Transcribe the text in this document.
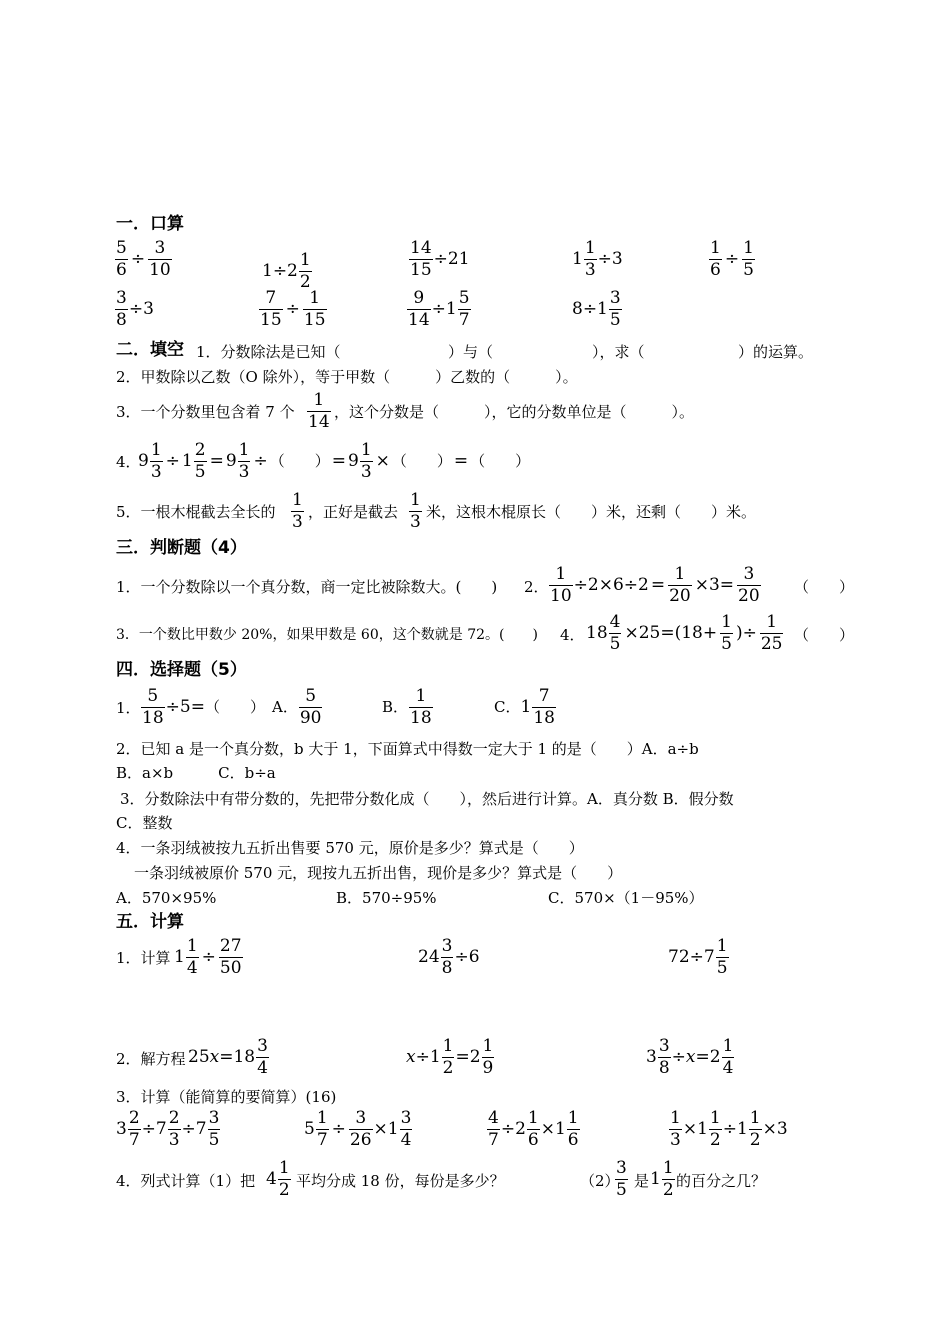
一．口算
$\frac{5}{6} \div \frac{3}{10}$	$1\div 2 \frac{1}{2}$	$\frac{14}{15} \div 21$	$1 \frac{1}{3} \div 3$	$\frac{1}{6} \div \frac{1}{5}$
$\frac{3}{8} \div 3$	$\frac{7}{15} \div \frac{1}{15}$	$\frac{9}{14} \div 1 \frac{5}{7}$	$8\div 1 \frac{3}{5}$
二．填空 1．分数除法是已知（	）与（	），求（	）的运算。
2．甲数除以乙数（O 除外），等于甲数（　　　）乙数的（　　　）。
3．一个分数里包含着 7 个 $\frac{1}{14}$ ，这个分数是（　　　），它的分数单位是（　　　）。
4．
$9 \frac{1}{3} \div 1 \frac{2}{5} = 9 \frac{1}{3}$ ÷ （　　） = $9 \frac{1}{3}$ × （　　） = （　　）
5．一根木棍截去全长的 $\frac{1}{3}$ ，正好是截去 $\frac{1}{3}$ 米，这根木棍原长（　　）米，还剩（　　）米。
三．判断题（4）
1．一个分数除以一个真分数，商一定比被除数大。(　　) 2． $\frac{1}{10} \div 2\times 6\div 2 = \frac{1}{20} \times 3= \frac{3}{20}$ （　　）
3．一个数比甲数少 20%，如果甲数是 60，这个数就是 72。(　　) 4． $18 \frac{4}{5} \times 25=(18+ \frac{1}{5}$ )÷ $\frac{1}{25}$ （　　）
四．选择题（5）
1． $\frac{5}{18} \div 5=$（　　） A． $\frac{5}{90}$	B． $\frac{1}{18}$	C．$1 \frac{7}{18}$
2．已知 a 是一个真分数，b 大于 1，下面算式中得数一定大于 1 的是（　　）A．a÷b
B．a×b　　　C．b÷a
3．分数除法中有带分数的，先把带分数化成（　　），然后进行计算。A．真分数 B．假分数
C．整数
4．一条羽绒被按九五折出售要 570 元，原价是多少？算式是（　　）
一条羽绒被原价 570 元，现按九五折出售，现价是多少？算式是（　　）
A．570×95%	B．570÷95%	C．570×（1－95%）
五．计算
1．计算 $1 \frac{1}{4} \div \frac{27}{50}$	$24 \frac{3}{8} \div 6$	$72\div 7 \frac{1}{5}$
2．解方程 $25x=18 \frac{3}{4}$	$x\div 1 \frac{1}{2} =2 \frac{1}{9}$	$3 \frac{3}{8} \div x=2 \frac{1}{4}$
3．计算（能简算的要简算）(16)
$3 \frac{2}{7} \div 7 \frac{2}{3} \div 7 \frac{3}{5}$	$5 \frac{1}{7} \div \frac{3}{26} \times 1 \frac{3}{4}$	$\frac{4}{7} \div 2 \frac{1}{6} \times 1 \frac{1}{6}$	$\frac{1}{3} \times 1 \frac{1}{2} \div 1 \frac{1}{2} \times 3$
4．列式计算（1）把 $4 \frac{1}{2}$ 平均分成 18 份，每份是多少？	（2）
$\frac{3}{5}$ 是 $1 \frac{1}{2}$ 的百分之几？
